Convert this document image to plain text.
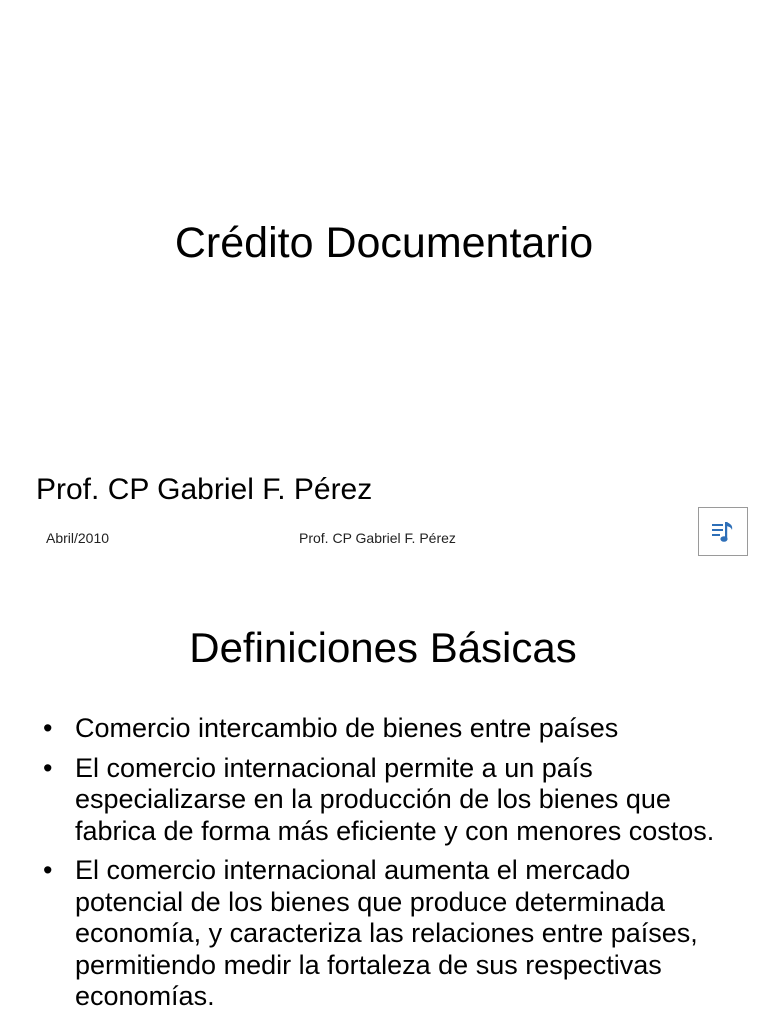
Crédito Documentario
Prof. CP Gabriel F. Pérez
Abril/2010	Prof. CP Gabriel F. Pérez
Definiciones Básicas
• Comercio intercambio de bienes entre países
• El comercio internacional permite a un país especializarse en la producción de los bienes que fabrica de forma más eficiente y con menores costos.
• El comercio internacional aumenta el mercado potencial de los bienes que produce determinada economía, y caracteriza las relaciones entre países, permitiendo medir la fortaleza de sus respectivas economías.
